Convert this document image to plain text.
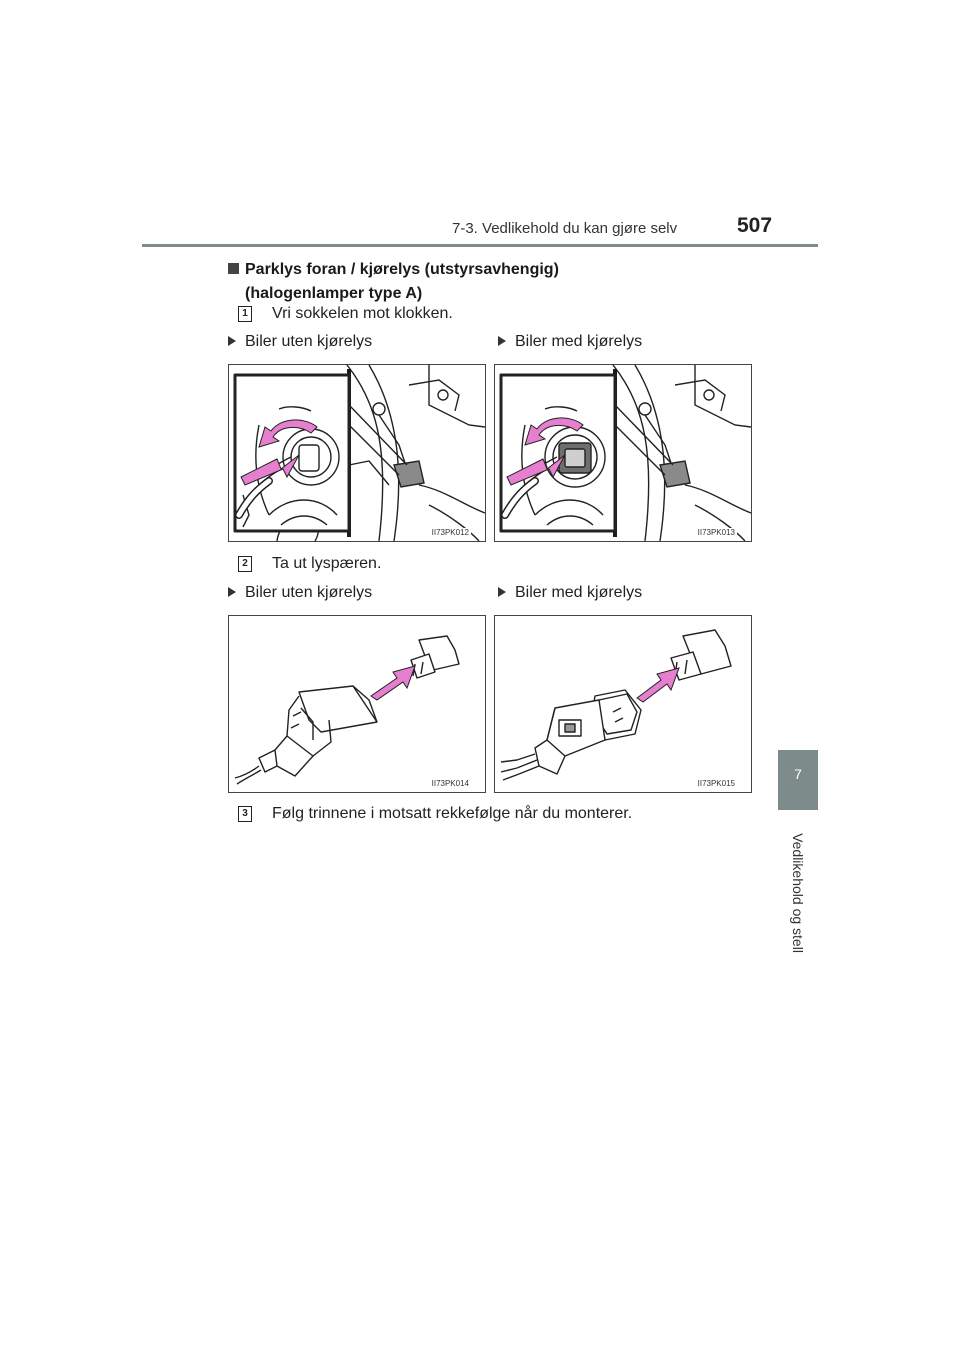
7-3. Vedlikehold du kan gjøre selv	507
7
Vedlikehold og stell
Parklys foran / kjørelys (utstyrsavhengig)
(halogenlamper type A)
1 Vri sokkelen mot klokken.
Biler uten kjørelys	Biler med kjørelys
II73PK012	II73PK013
2 Ta ut lyspæren.
Biler uten kjørelys	Biler med kjørelys
II73PK014	II73PK015
3 Følg trinnene i motsatt rekkefølge når du monterer.
